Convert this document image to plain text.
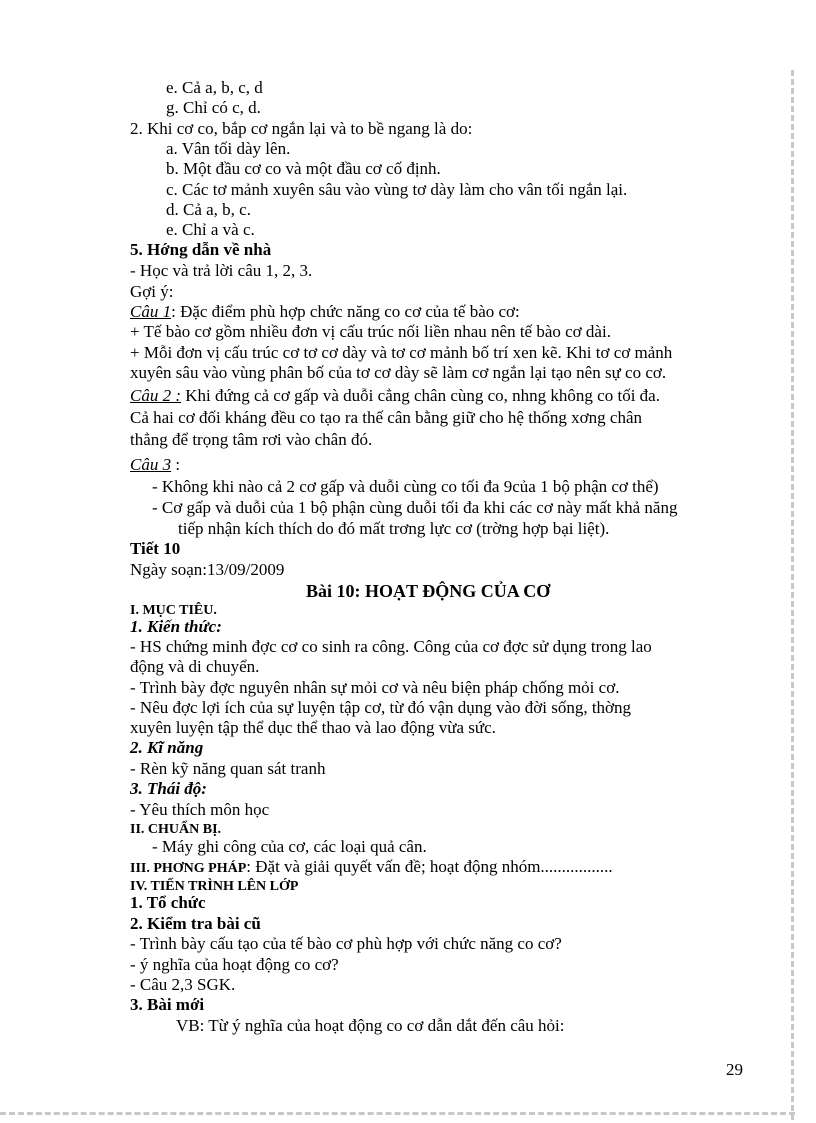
e. Cả a, b, c, d
g. Chỉ có c, d.
2. Khi cơ co, bắp cơ ngắn lại và to bề ngang là do:
a. Vân tối dày lên.
b. Một đầu cơ co và một đầu cơ cố định.
c. Các tơ mảnh xuyên sâu vào vùng tơ dày làm cho vân tối ngắn lại.
d. Cả a, b, c.
e. Chỉ a và c.
5. Hớng dẫn về nhà
- Học và trả lời câu 1, 2, 3.
Gợi ý:
Câu 1: Đặc điểm phù hợp chức năng co cơ của tế bào cơ:
+ Tế bào cơ gồm nhiều đơn vị cấu trúc nối liền nhau nên tế bào cơ dài.
+ Mỗi đơn vị cấu trúc cơ tơ cơ dày và tơ cơ mảnh bố trí xen kẽ. Khi tơ cơ mảnh
xuyên sâu vào vùng phân bố của tơ cơ dày sẽ làm cơ ngắn lại tạo nên sự co cơ.
Câu 2 : Khi đứng cả cơ gấp và duỗi cẳng chân cùng co, nhng không co tối đa.
Cả hai cơ đối kháng đều co tạo ra thế cân bằng giữ cho hệ thống xơng chân
thẳng để trọng tâm rơi vào chân đó.
Câu 3 :
- Không khi nào cả 2 cơ gấp và duỗi cùng co tối đa 9của 1 bộ phận cơ thể)
- Cơ gấp và duỗi của 1 bộ phận cùng duỗi tối đa khi các cơ này mất khả năng
tiếp nhận kích thích do đó mất trơng lực cơ (trờng hợp bại liệt).
Tiết 10
Ngày soạn:13/09/2009
Bài 10: HOẠT ĐỘNG CỦA CƠ
I. MỤC TIÊU.
1. Kiến thức:
- HS chứng minh đợc cơ co sinh ra công. Công của cơ đợc sử dụng trong lao
động và di chuyển.
- Trình bày đợc nguyên nhân sự mỏi cơ và nêu biện pháp chống mỏi cơ.
- Nêu đợc lợi ích của sự luyện tập cơ, từ đó vận dụng vào đời sống, thờng
xuyên luyện tập thể dục thể thao và lao động vừa sức.
2. Kĩ năng
- Rèn kỹ năng quan sát tranh
3. Thái độ:
- Yêu thích môn học
II. CHUẨN BỊ.
- Máy ghi công của cơ, các loại quả cân.
III. PHƠNG PHÁP: Đặt và giải quyết vấn đề; hoạt động nhóm.................
IV. TIẾN TRÌNH LÊN LỚP
1. Tổ chức
2. Kiểm tra bài cũ
- Trình bày cấu tạo của tế bào cơ phù hợp với chức năng co cơ?
- ý nghĩa của hoạt động co cơ?
- Câu 2,3 SGK.
3. Bài mới
VB: Từ ý nghĩa của hoạt động co cơ dẫn dắt đến câu hỏi:
29
